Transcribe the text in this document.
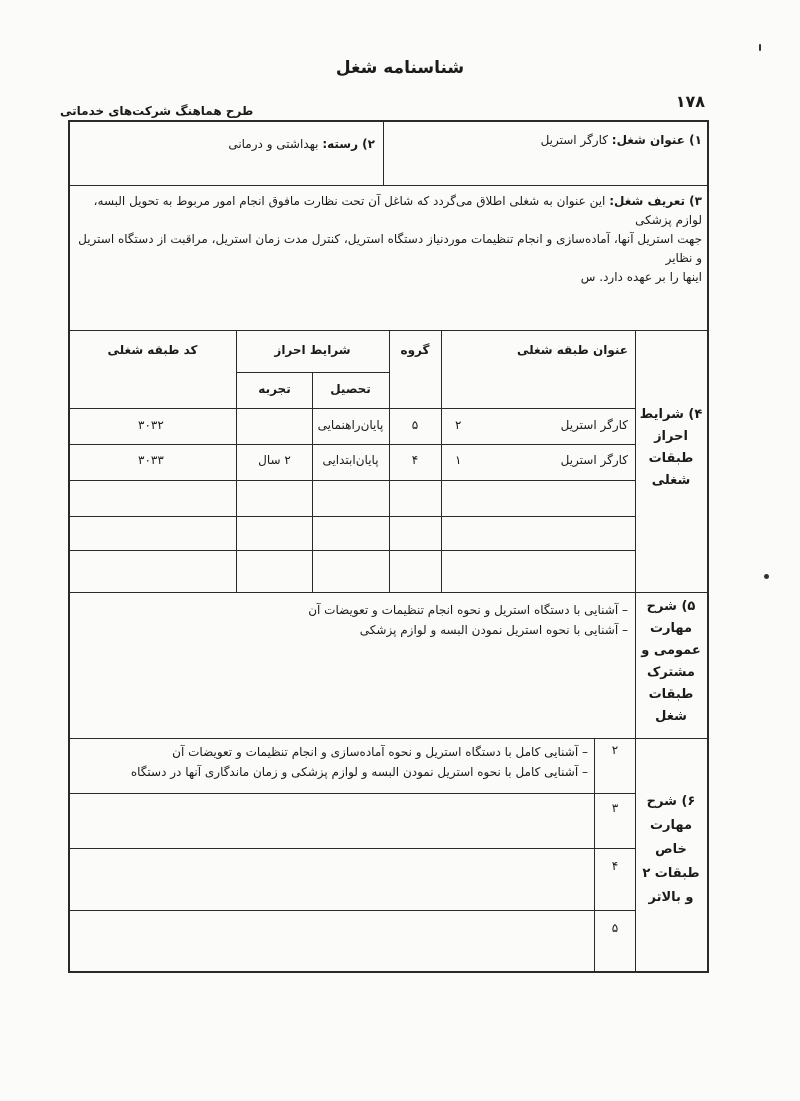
شناسنامه شغل
۱۷۸
طرح هماهنگ شرکت‌های خدماتی
۱) عنوان شغل: کارگر استریل
۲) رسته: بهداشتی و درمانی
۳) تعریف شغل: این عنوان به شغلی اطلاق می‌گردد که شاغل آن تحت نظارت مافوق انجام امور مربوط به تحویل البسه، لوازم پزشکی
جهت استریل آنها، آماده‌سازی و انجام تنظیمات موردنیاز دستگاه استریل، کنترل مدت زمان استریل، مراقبت از دستگاه استریل و نظایر
اینها را بر عهده دارد. س
۴) شرایط احراز طبقات شغلی
عنوان طبقه شغلی
گروه
شرایط احراز
تحصیل
تجربه
کد طبقه شغلی
کارگر استریل
۲
۵
پایان‌راهنمایی
۳۰۳۲
کارگر استریل
۱
۴
پایان‌ابتدایی
۲ سال
۳۰۳۳
۵) شرح مهارت عمومی و مشترک طبقات شغل
– آشنایی با دستگاه استریل و نحوه انجام تنظیمات و تعویضات آن
– آشنایی با نحوه استریل نمودن البسه و لوازم پزشکی
۶) شرح مهارت خاص طبقات ۲ و بالاتر
۲
– آشنایی کامل با دستگاه استریل و نحوه آماده‌سازی و انجام تنظیمات و تعویضات آن
– آشنایی کامل با نحوه استریل نمودن البسه و لوازم پزشکی و زمان ماندگاری آنها در دستگاه
۳
۴
۵
